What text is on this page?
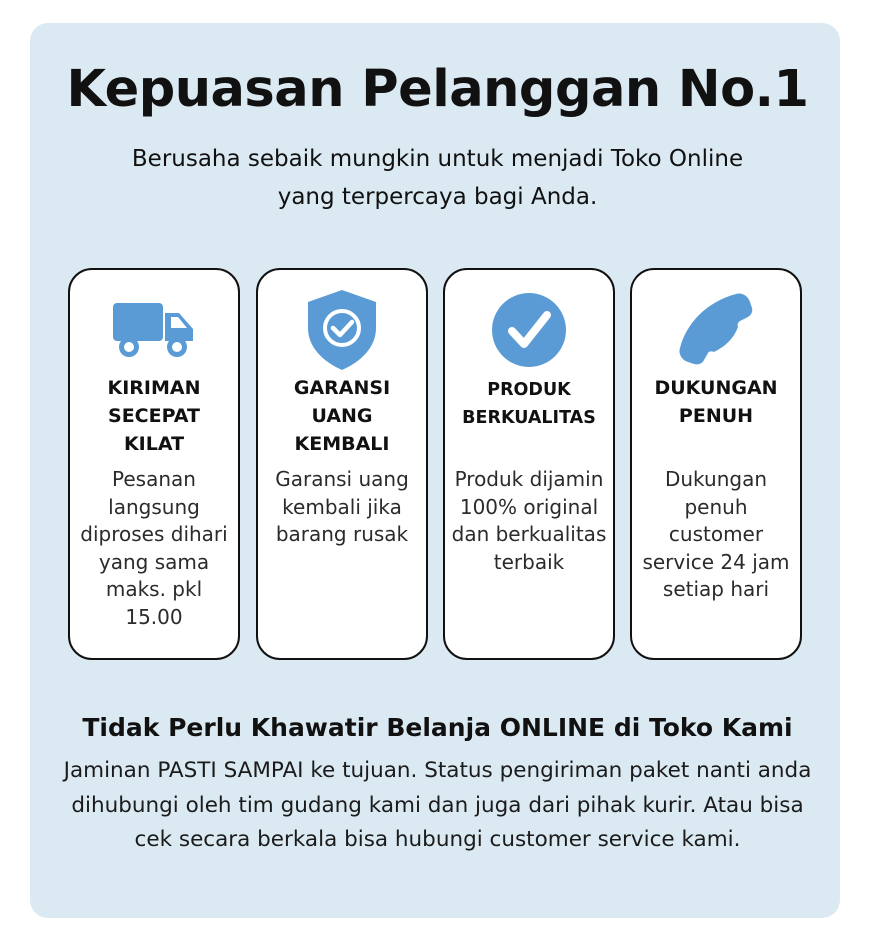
Kepuasan Pelanggan No.1

Berusaha sebaik mungkin untuk menjadi Toko Online yang terpercaya bagi Anda.

KIRIMAN SECEPAT KILAT
Pesanan langsung diproses dihari yang sama maks. pkl 15.00
GARANSI UANG KEMBALI
Garansi uang kembali jika barang rusak
PRODUK BERKUALITAS
Produk dijamin 100% original dan berkualitas terbaik
DUKUNGAN PENUH
Dukungan penuh customer service 24 jam setiap hari
Tidak Perlu Khawatir Belanja ONLINE di Toko Kami

Jaminan PASTI SAMPAI ke tujuan. Status pengiriman paket nanti anda dihubungi oleh tim gudang kami dan juga dari pihak kurir. Atau bisa cek secara berkala bisa hubungi customer service kami.
